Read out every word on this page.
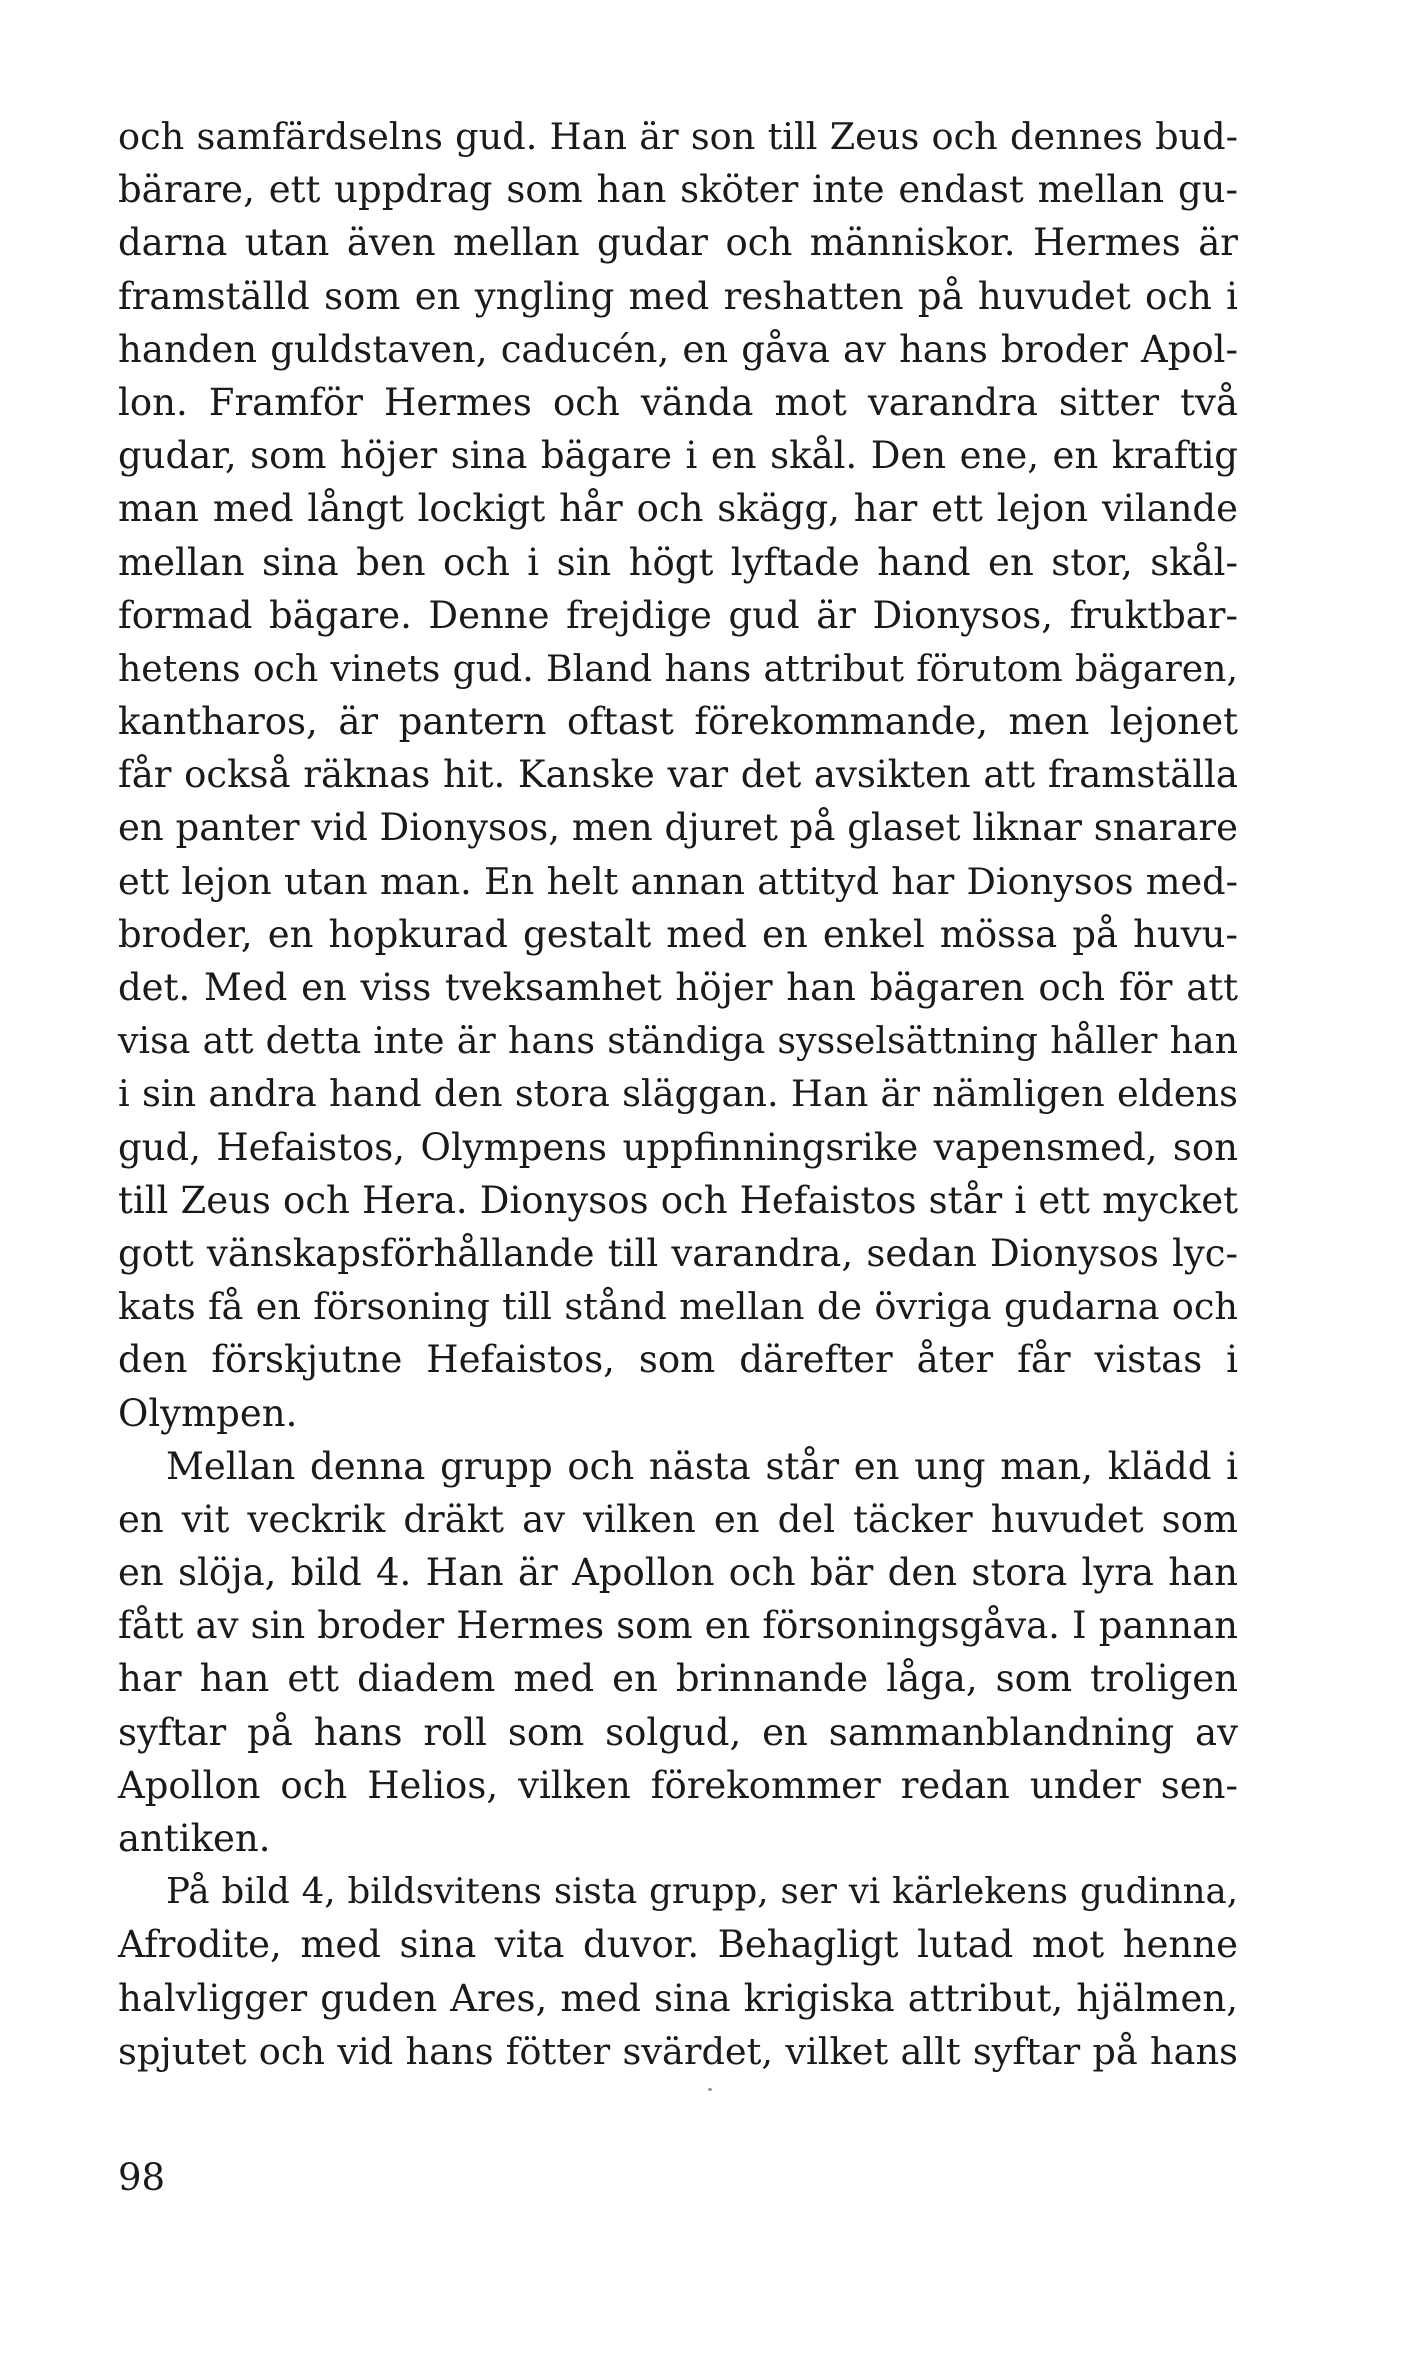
och samfärdselns gud. Han är son till Zeus och dennes bud-
bärare, ett uppdrag som han sköter inte endast mellan gu-
darna utan även mellan gudar och människor. Hermes är
framställd som en yngling med reshatten på huvudet och i
handen guldstaven, caducén, en gåva av hans broder Apol-
lon. Framför Hermes och vända mot varandra sitter två
gudar, som höjer sina bägare i en skål. Den ene, en kraftig
man med långt lockigt hår och skägg, har ett lejon vilande
mellan sina ben och i sin högt lyftade hand en stor, skål-
formad bägare. Denne frejdige gud är Dionysos, fruktbar-
hetens och vinets gud. Bland hans attribut förutom bägaren,
kantharos, är pantern oftast förekommande, men lejonet
får också räknas hit. Kanske var det avsikten att framställa
en panter vid Dionysos, men djuret på glaset liknar snarare
ett lejon utan man. En helt annan attityd har Dionysos med-
broder, en hopkurad gestalt med en enkel mössa på huvu-
det. Med en viss tveksamhet höjer han bägaren och för att
visa att detta inte är hans ständiga sysselsättning håller han
i sin andra hand den stora släggan. Han är nämligen eldens
gud, Hefaistos, Olympens uppfinningsrike vapensmed, son
till Zeus och Hera. Dionysos och Hefaistos står i ett mycket
gott vänskapsförhållande till varandra, sedan Dionysos lyc-
kats få en försoning till stånd mellan de övriga gudarna och
den förskjutne Hefaistos, som därefter åter får vistas i
Olympen.
Mellan denna grupp och nästa står en ung man, klädd i
en vit veckrik dräkt av vilken en del täcker huvudet som
en slöja, bild 4. Han är Apollon och bär den stora lyra han
fått av sin broder Hermes som en försoningsgåva. I pannan
har han ett diadem med en brinnande låga, som troligen
syftar på hans roll som solgud, en sammanblandning av
Apollon och Helios, vilken förekommer redan under sen-
antiken.
På bild 4, bildsvitens sista grupp, ser vi kärlekens gudinna,
Afrodite, med sina vita duvor. Behagligt lutad mot henne
halvligger guden Ares, med sina krigiska attribut, hjälmen,
spjutet och vid hans fötter svärdet, vilket allt syftar på hans
98
